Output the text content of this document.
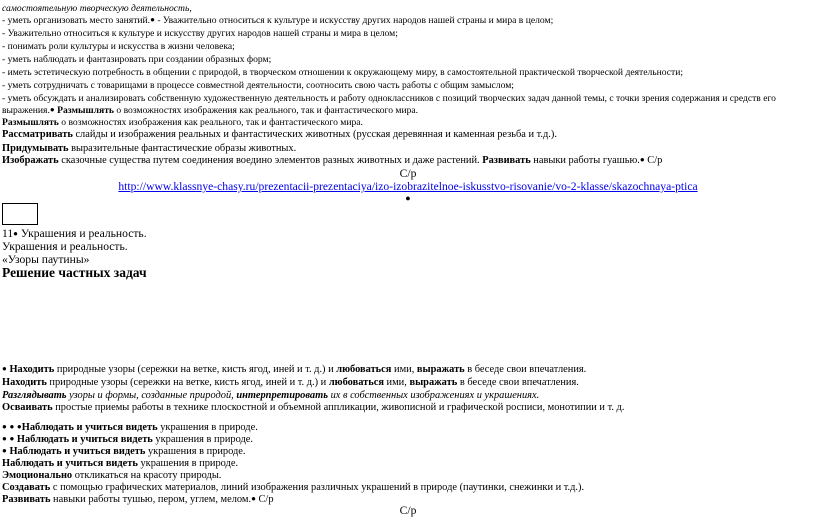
самостоятельную творческую деятельность,
- уметь организовать место занятий.● - Уважительно относиться к культуре и искусству других народов нашей страны и мира в целом;
- Уважительно относиться к культуре и искусству других народов нашей страны и мира в целом;
- понимать роли культуры и искусства в жизни человека;
- уметь наблюдать и фантазировать при создании образных форм;
- иметь эстетическую потребность в общении с природой, в творческом отношении к окружающему миру, в самостоятельной практической творческой деятельности;
- уметь сотрудничать с товарищами в процессе совместной деятельности, соотносить свою часть работы с общим замыслом;
- уметь обсуждать и анализировать собственную художественную деятельность и работу одноклассников с позиций творческих задач данной темы, с точки зрения содержания и средств его
выражения.● Размышлять о возможностях изображения как реального, так и фантастического мира.
Размышлять о возможностях изображения как реального, так и фантастического мира.
Рассматривать слайды и изображения реальных и фантастических животных (русская деревянная и каменная резьба и т.д.).
Придумывать выразительные фантастические образы животных.
Изображать сказочные существа путем соединения воедино элементов разных животных и даже растений. Развивать навыки работы гуашью.● С/р
С/р
http://www.klassnye-chasy.ru/prezentacii-prezentaciya/izo-izobrazitelnoe-iskusstvo-risovanie/vo-2-klasse/skazochnaya-ptica
●
11● Украшения и реальность.
Украшения и реальность.
«Узоры паутины»
Решение частных задач
● Находить природные узоры (сережки на ветке, кисть ягод, иней и т. д.) и любоваться ими, выражать в беседе свои впечатления.
Находить природные узоры (сережки на ветке, кисть ягод, иней и т. д.) и любоваться ими, выражать в беседе свои впечатления.
Разглядывать узоры и формы, созданные природой, интерпретировать их в собственных изображениях и украшениях.
Осваивать простые приемы работы в технике плоскостной и объемной аппликации, живописной и графической росписи, монотипии и т. д.
● ● ●Наблюдать и учиться видеть украшения в природе.
● ● Наблюдать и учиться видеть украшения в природе.
● Наблюдать и учиться видеть украшения в природе.
Наблюдать и учиться видеть украшения в природе.
Эмоционально откликаться на красоту природы.
Создавать с помощью графических материалов, линий изображения различных украшений в природе (паутинки, снежинки и т.д.).
Развивать навыки работы тушью, пером, углем, мелом.● С/р
С/р
